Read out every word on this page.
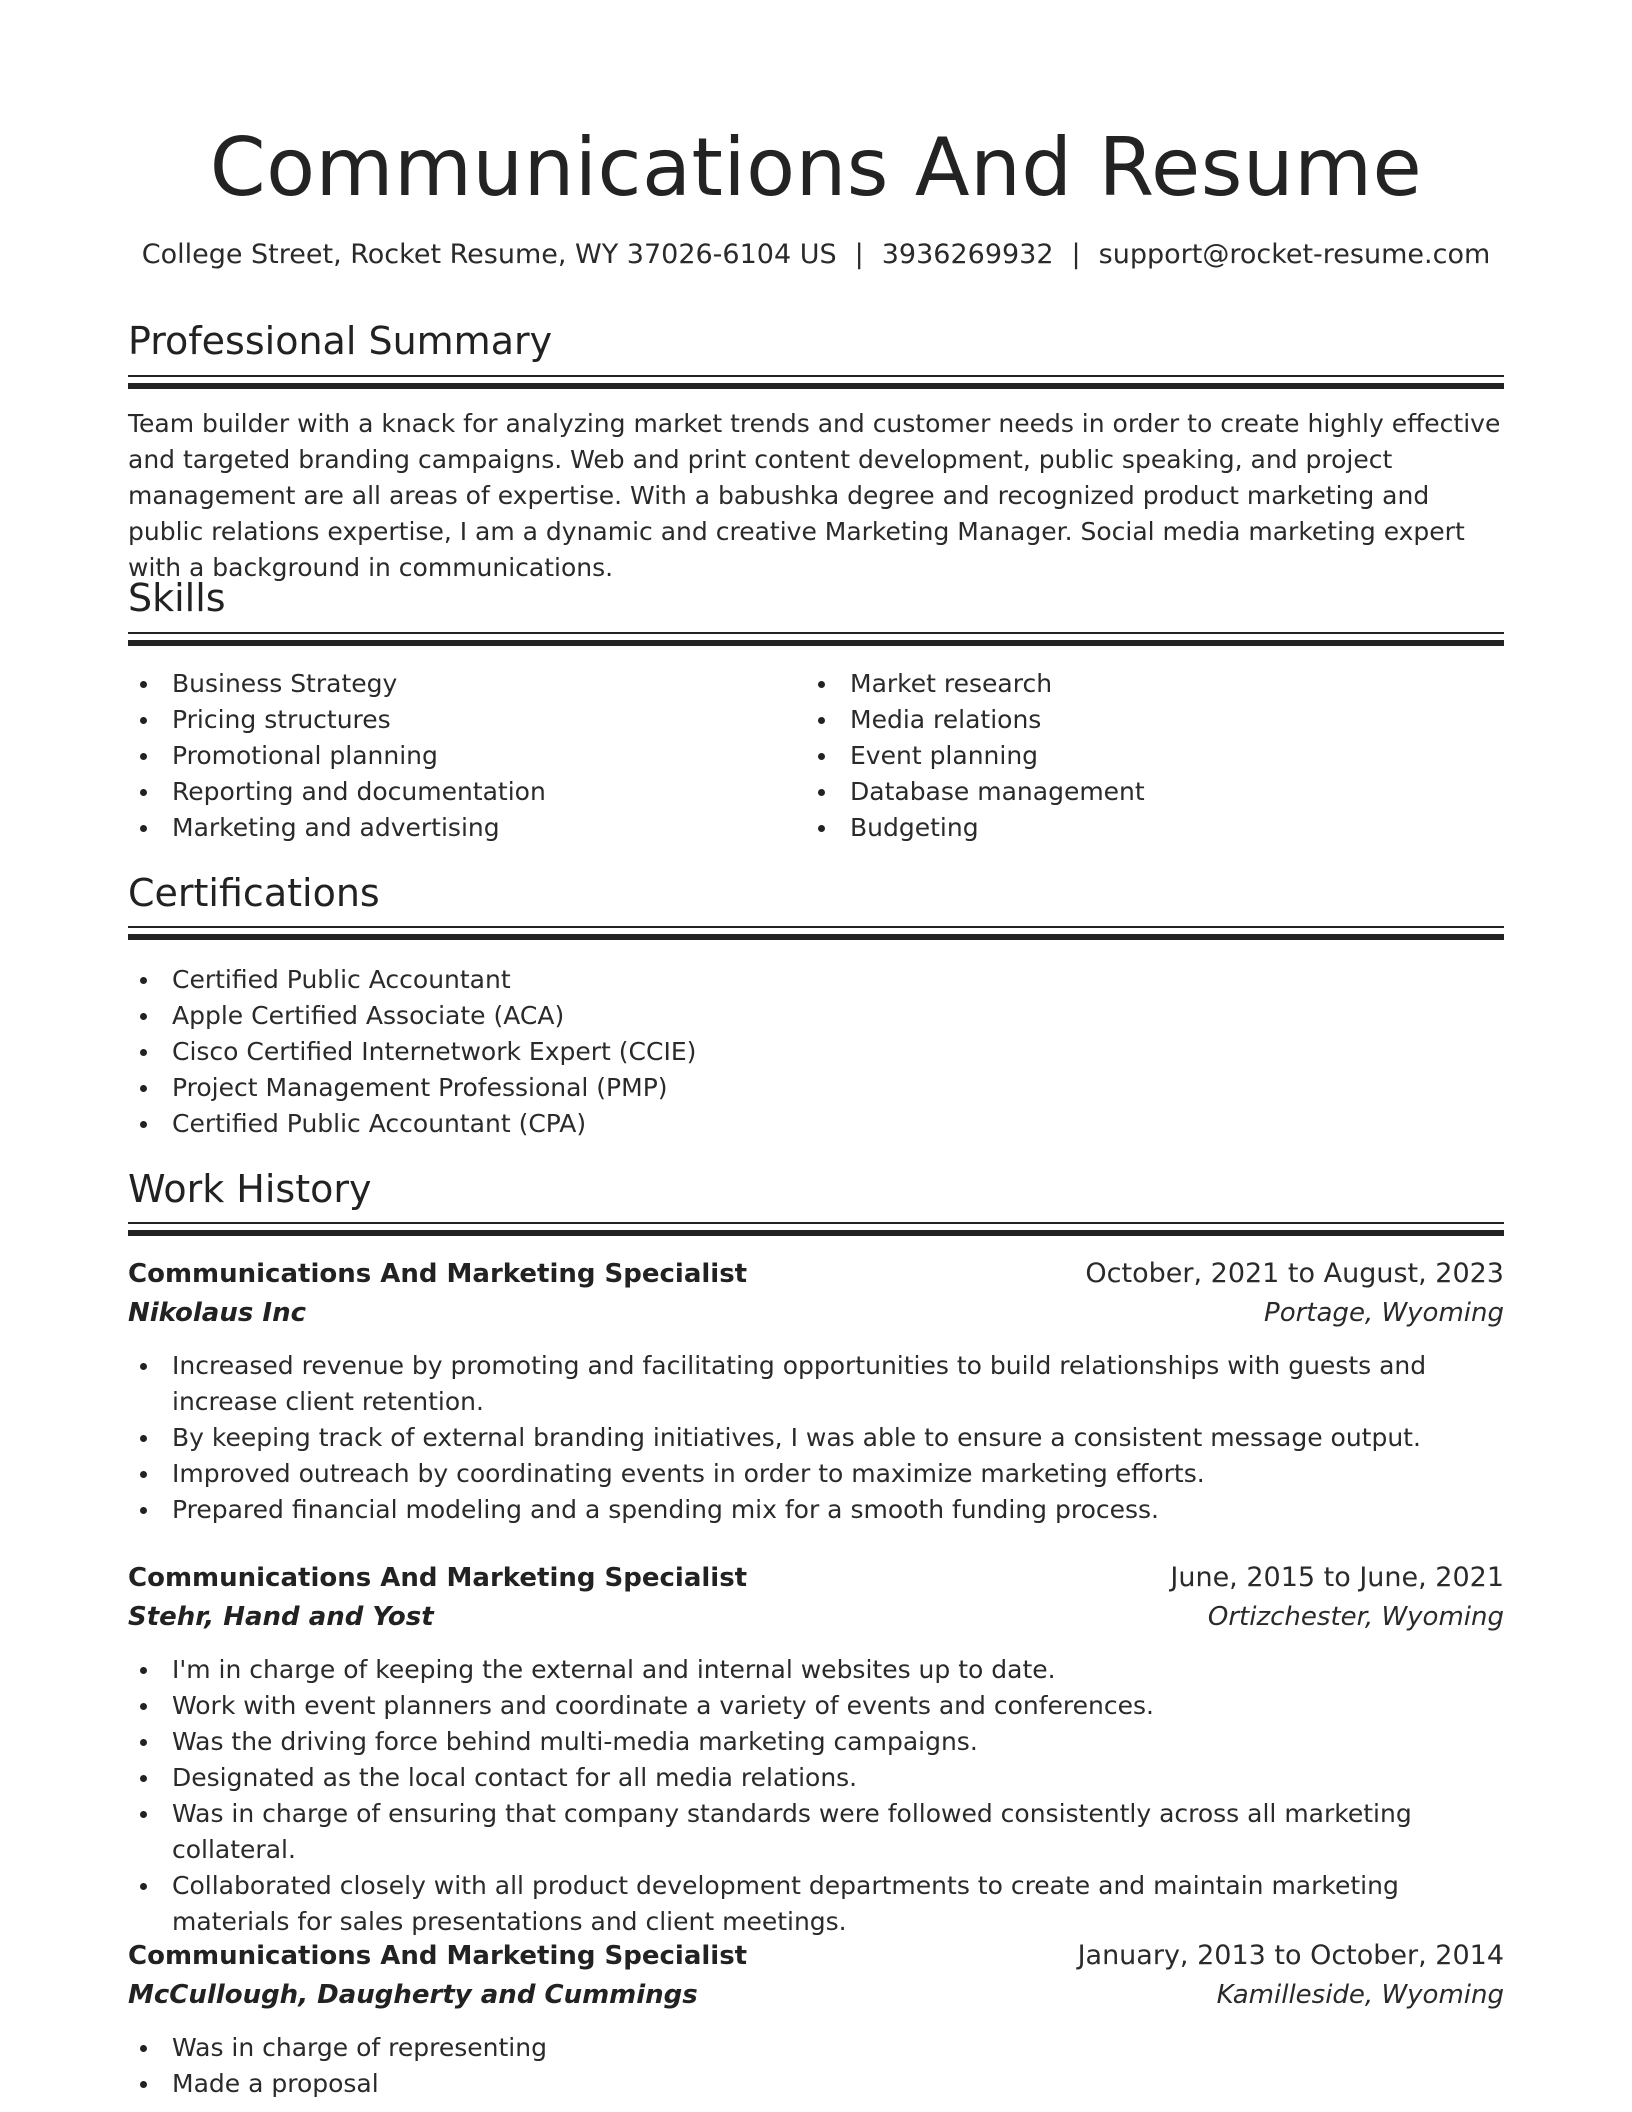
Communications And Resume
College Street, Rocket Resume, WY 37026-6104 US | 3936269932 | support@rocket-resume.com
Professional Summary

Team builder with a knack for analyzing market trends and customer needs in order to create highly effective and targeted branding campaigns. Web and print content development, public speaking, and project management are all areas of expertise. With a babushka degree and recognized product marketing and public relations expertise, I am a dynamic and creative Marketing Manager. Social media marketing expert with a background in communications.

Skills
Business Strategy
Pricing structures
Promotional planning
Reporting and documentation
Marketing and advertising
Market research
Media relations
Event planning
Database management
Budgeting
Certifications
Certified Public Accountant
Apple Certified Associate (ACA)
Cisco Certified Internetwork Expert (CCIE)
Project Management Professional (PMP)
Certified Public Accountant (CPA)
Work History
Communications And Marketing Specialist	October, 2021 to August, 2023
Nikolaus Inc	Portage, Wyoming
Increased revenue by promoting and facilitating opportunities to build relationships with guests and increase client retention.
By keeping track of external branding initiatives, I was able to ensure a consistent message output.
Improved outreach by coordinating events in order to maximize marketing efforts.
Prepared financial modeling and a spending mix for a smooth funding process.
Communications And Marketing Specialist	June, 2015 to June, 2021
Stehr, Hand and Yost	Ortizchester, Wyoming
I'm in charge of keeping the external and internal websites up to date.
Work with event planners and coordinate a variety of events and conferences.
Was the driving force behind multi-media marketing campaigns.
Designated as the local contact for all media relations.
Was in charge of ensuring that company standards were followed consistently across all marketing collateral.
Collaborated closely with all product development departments to create and maintain marketing materials for sales presentations and client meetings.
Communications And Marketing Specialist	January, 2013 to October, 2014
McCullough, Daugherty and Cummings	Kamilleside, Wyoming
Was in charge of representing
Made a proposal
